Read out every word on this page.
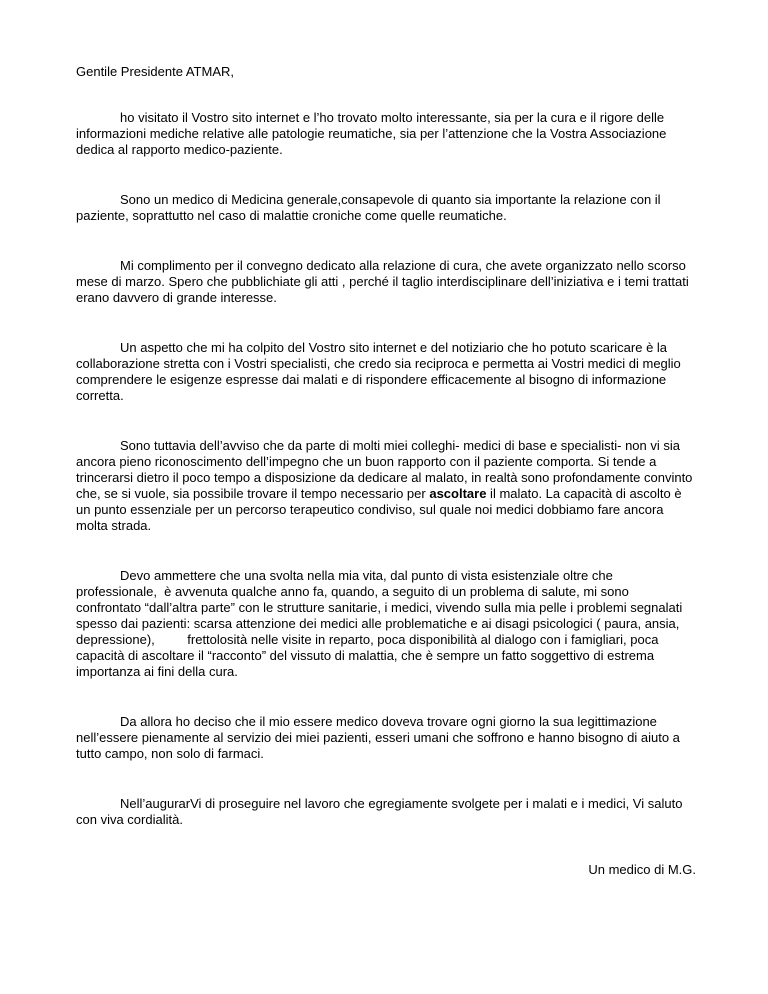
Gentile Presidente ATMAR,

ho visitato il Vostro sito internet e l’ho trovato molto interessante, sia per la cura e il rigore delle informazioni mediche relative alle patologie reumatiche, sia per l’attenzione che la Vostra Associazione dedica al rapporto medico-paziente.

Sono un medico di Medicina generale,consapevole di quanto sia importante la relazione con il paziente, soprattutto nel caso di malattie croniche come quelle reumatiche.

Mi complimento per il convegno dedicato alla relazione di cura, che avete organizzato nello scorso mese di marzo. Spero che pubblichiate gli atti , perché il taglio interdisciplinare dell’iniziativa e i temi trattati erano davvero di grande interesse.

Un aspetto che mi ha colpito del Vostro sito internet e del notiziario che ho potuto scaricare è la collaborazione stretta con i Vostri specialisti, che credo sia reciproca e permetta ai Vostri medici di meglio comprendere le esigenze espresse dai malati e di rispondere efficacemente al bisogno di informazione corretta.

Sono tuttavia dell’avviso che da parte di molti miei colleghi- medici di base e specialisti- non vi sia ancora pieno riconoscimento dell’impegno che un buon rapporto con il paziente comporta. Si tende a trincerarsi dietro il poco tempo a disposizione da dedicare al malato, in realtà sono profondamente convinto che, se si vuole, sia possibile trovare il tempo necessario per ascoltare il malato. La capacità di ascolto è un punto essenziale per un percorso terapeutico condiviso, sul quale noi medici dobbiamo fare ancora molta strada.

Devo ammettere che una svolta nella mia vita, dal punto di vista esistenziale oltre che professionale,  è avvenuta qualche anno fa, quando, a seguito di un problema di salute, mi sono confrontato “dall’altra parte” con le strutture sanitarie, i medici, vivendo sulla mia pelle i problemi segnalati spesso dai pazienti: scarsa attenzione dei medici alle problematiche e ai disagi psicologici ( paura, ansia, depressione),         frettolosità nelle visite in reparto, poca disponibilità al dialogo con i famigliari, poca capacità di ascoltare il “racconto” del vissuto di malattia, che è sempre un fatto soggettivo di estrema importanza ai fini della cura.

Da allora ho deciso che il mio essere medico doveva trovare ogni giorno la sua legittimazione nell’essere pienamente al servizio dei miei pazienti, esseri umani che soffrono e hanno bisogno di aiuto a tutto campo, non solo di farmaci.

Nell’augurarVi di proseguire nel lavoro che egregiamente svolgete per i malati e i medici, Vi saluto con viva cordialità.

Un medico di M.G.
